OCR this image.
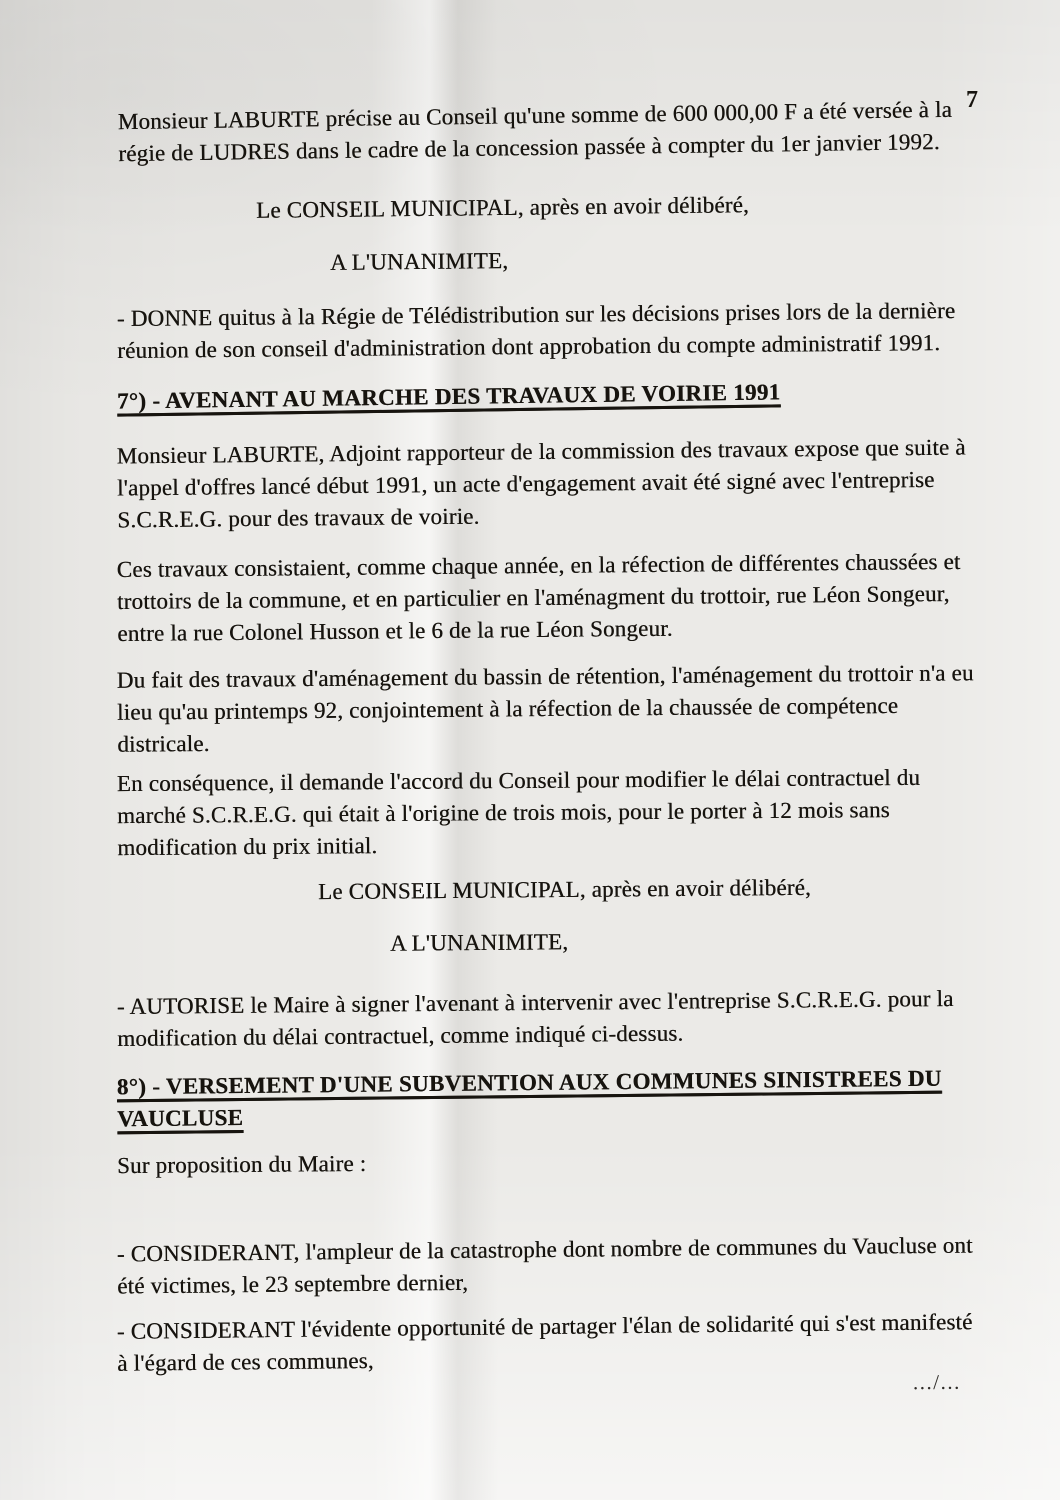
7
Monsieur LABURTE précise au Conseil qu'une somme de 600 000,00 F a été versée à la
régie de LUDRES dans le cadre de la concession passée à compter du 1er janvier 1992.
Le CONSEIL MUNICIPAL, après en avoir délibéré,
A L'UNANIMITE,
- DONNE quitus à la Régie de Télédistribution sur les décisions prises lors de la dernière
réunion de son conseil d'administration dont approbation du compte administratif 1991.
7°) - AVENANT AU MARCHE DES TRAVAUX DE VOIRIE 1991
Monsieur LABURTE, Adjoint rapporteur de la commission des travaux expose que suite à
l'appel d'offres lancé début 1991, un acte d'engagement avait été signé avec l'entreprise
S.C.R.E.G. pour des travaux de voirie.
Ces travaux consistaient, comme chaque année, en la réfection de différentes chaussées et
trottoirs de la commune, et en particulier en l'aménagment du trottoir, rue Léon Songeur,
entre la rue Colonel Husson et le 6 de la rue Léon Songeur.
Du fait des travaux d'aménagement du bassin de rétention, l'aménagement du trottoir n'a eu
lieu qu'au printemps 92, conjointement à la réfection de la chaussée de compétence
districale.
En conséquence, il demande l'accord du Conseil pour modifier le délai contractuel du
marché S.C.R.E.G. qui était à l'origine de trois mois, pour le porter à 12 mois sans
modification du prix initial.
Le CONSEIL MUNICIPAL, après en avoir délibéré,
A L'UNANIMITE,
- AUTORISE le Maire à signer l'avenant à intervenir avec l'entreprise S.C.R.E.G. pour la
modification du délai contractuel, comme indiqué ci-dessus.
8°) - VERSEMENT D'UNE SUBVENTION AUX COMMUNES SINISTREES DU
VAUCLUSE
Sur proposition du Maire :
- CONSIDERANT, l'ampleur de la catastrophe dont nombre de communes du Vaucluse ont
été victimes, le 23 septembre dernier,
- CONSIDERANT l'évidente opportunité de partager l'élan de solidarité qui s'est manifesté
à l'égard de ces communes,
.../...
